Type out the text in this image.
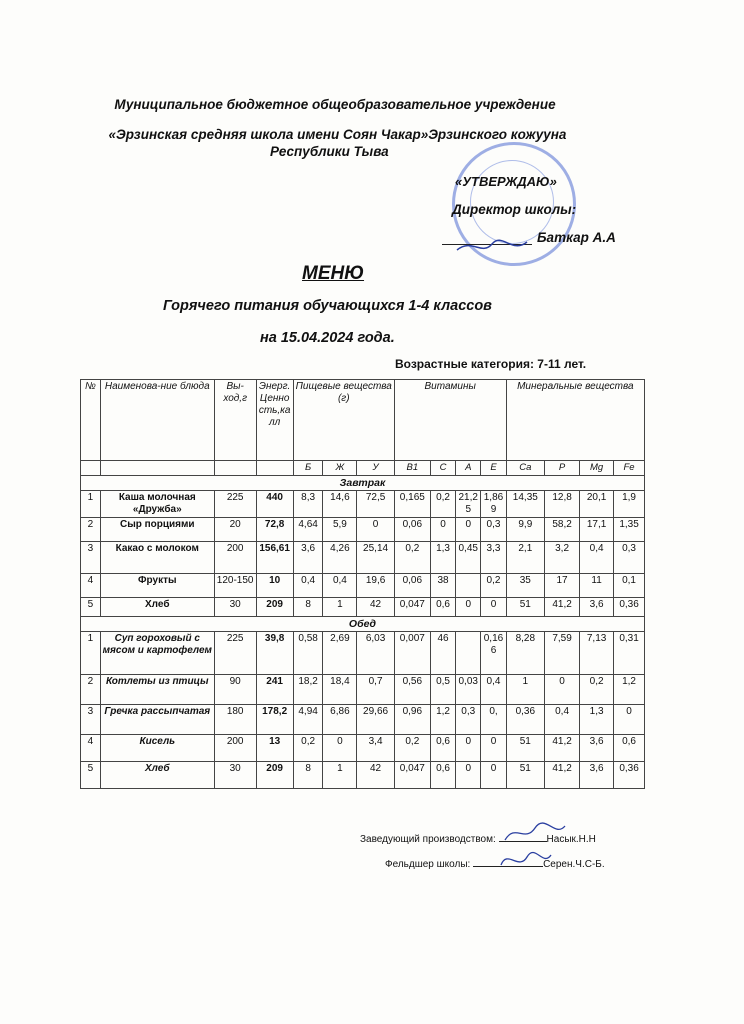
Муниципальное бюджетное общеобразовательное учреждение
«Эрзинская средняя школа имени Соян Чакар»Эрзинского кожууна
Республики Тыва
«УТВЕРЖДАЮ»
Директор школы:
Баткар А.А
МЕНЮ
Горячего питания обучающихся 1-4 классов
на 15.04.2024 года.
Возрастные категория: 7-11 лет.
№	Наименова-ние блюда	Вы-ход,г	Энерг. Ценность,калл	Пищевые вещества (г)			Витамины				Минеральные вещества			
				Б	Ж	У	В1	С	А	Е	Са	Р	Mg	Fe
Завтрак														
1	Каша молочная «Дружба»	225	440	8,3	14,6	72,5	0,165	0,2	21,25	1,869	14,35	12,8	20,1	1,9
2	Сыр порциями	20	72,8	4,64	5,9	0	0,06	0	0	0,3	9,9	58,2	17,1	1,35
3	Какао с молоком	200	156,61	3,6	4,26	25,14	0,2	1,3	0,45	3,3	2,1	3,2	0,4	0,3
4	Фрукты	120-150	10	0,4	0,4	19,6	0,06	38		0,2	35	17	11	0,1
5	Хлеб	30	209	8	1	42	0,047	0,6	0	0	51	41,2	3,6	0,36
Обед														
1	Суп гороховый с мясом и картофелем	225	39,8	0,58	2,69	6,03	0,007	46		0,166	8,28	7,59	7,13	0,31
2	Котлеты из птицы	90	241	18,2	18,4	0,7	0,56	0,5	0,03	0,4	1	0	0,2	1,2
3	Гречка рассыпчатая	180	178,2	4,94	6,86	29,66	0,96	1,2	0,3	0,	0,36	0,4	1,3	0
4	Кисель	200	13	0,2	0	3,4	0,2	0,6	0	0	51	41,2	3,6	0,6
5	Хлеб	30	209	8	1	42	0,047	0,6	0	0	51	41,2	3,6	0,36
Заведующий производством:	Насык.Н.Н
Фельдшер школы:	Серен.Ч.С-Б.
